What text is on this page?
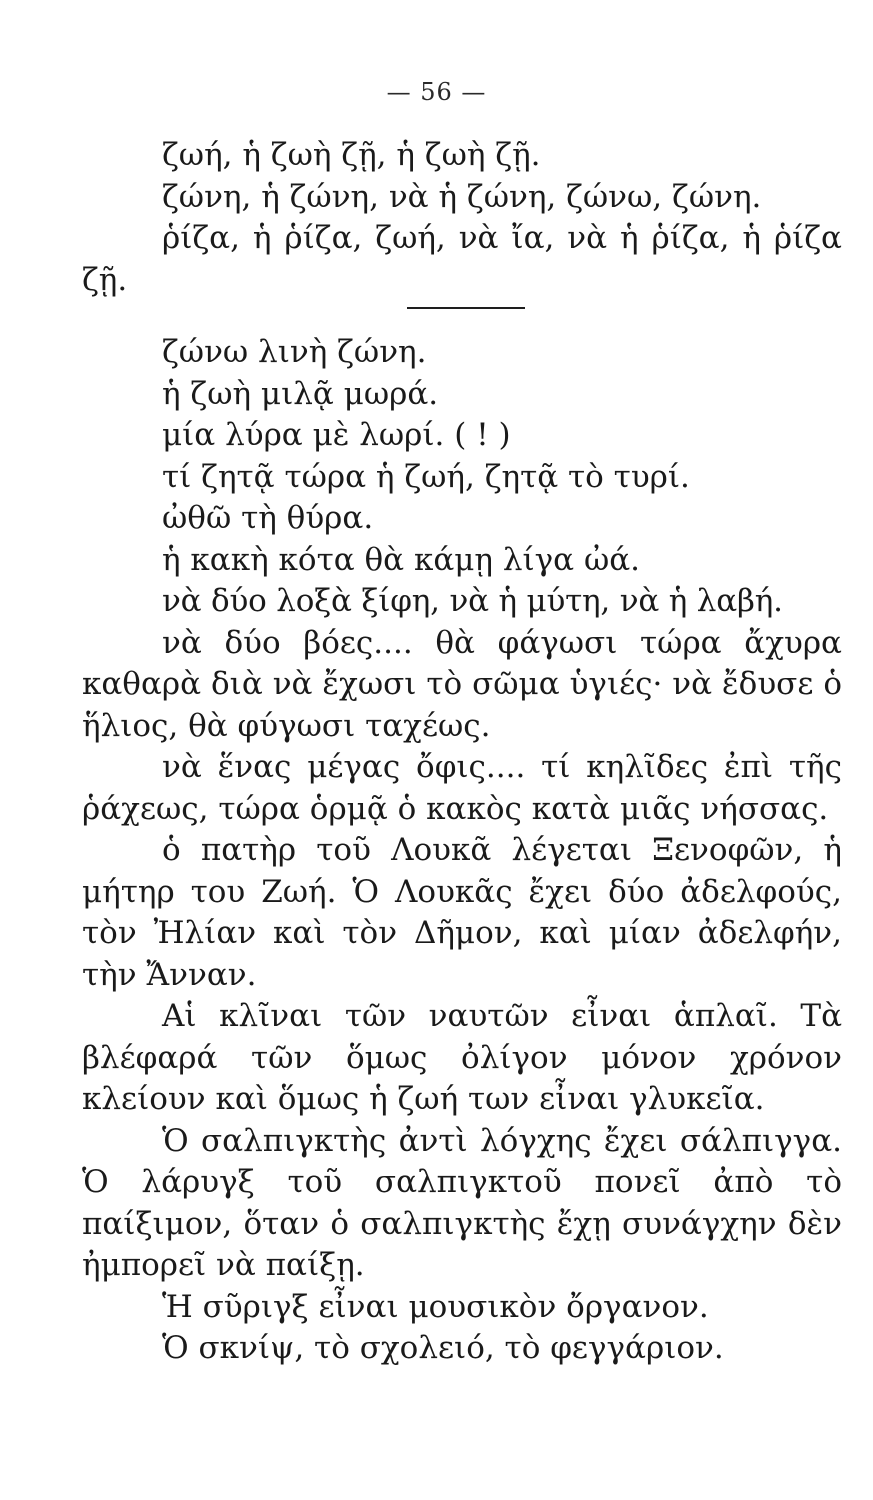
— 56 —

ζωή, ἡ ζωὴ ζῇ, ἡ ζωὴ ζῇ.

ζώνη, ἡ ζώνη, νὰ ἡ ζώνη, ζώνω, ζώνη.

ῥίζα, ἡ ῥίζα, ζωή, νὰ ἴα, νὰ ἡ ῥίζα, ἡ ῥίζα ζῇ.

ζώνω λινὴ ζώνη.

ἡ ζωὴ μιλᾷ μωρά.

μία λύρα μὲ λωρί. ( ! )

τί ζητᾷ τώρα ἡ ζωή, ζητᾷ τὸ τυρί.

ὠθῶ τὴ θύρα.

ἡ κακὴ κότα θὰ κάμῃ λίγα ὠά.

νὰ δύο λοξὰ ξίφη, νὰ ἡ μύτη, νὰ ἡ λαβή.

νὰ δύο βόες.... θὰ φάγωσι τώρα ἄχυρα καθαρὰ διὰ νὰ ἔχωσι τὸ σῶμα ὑγιές· νὰ ἔδυσε ὁ ἥλιος, θὰ φύγωσι ταχέως.

νὰ ἕνας μέγας ὄφις.... τί κηλῖδες ἐπὶ τῆς ῥάχεως, τώρα ὁρμᾷ ὁ κακὸς κατὰ μιᾶς νήσσας.

ὁ πατὴρ τοῦ Λουκᾶ λέγεται Ξενοφῶν, ἡ μήτηρ του Ζωή. Ὁ Λουκᾶς ἔχει δύο ἀδελφούς, τὸν Ἠλίαν καὶ τὸν Δῆμον, καὶ μίαν ἀδελφήν, τὴν Ἄνναν.

Αἱ κλῖναι τῶν ναυτῶν εἶναι ἁπλαῖ. Τὰ βλέφαρά τῶν ὅμως ὀλίγον μόνον χρόνον κλείουν καὶ ὅμως ἡ ζωή των εἶναι γλυκεῖα.

Ὁ σαλπιγκτὴς ἀντὶ λόγχης ἔχει σάλπιγγα. Ὁ λάρυγξ τοῦ σαλπιγκτοῦ πονεῖ ἀπὸ τὸ παίξιμον, ὅταν ὁ σαλπιγκτὴς ἔχῃ συνάγχην δὲν ἠμπορεῖ νὰ παίξῃ.

Ἡ σῦριγξ εἶναι μουσικὸν ὄργανον.

Ὁ σκνίψ, τὸ σχολειό, τὸ φεγγάριον.
